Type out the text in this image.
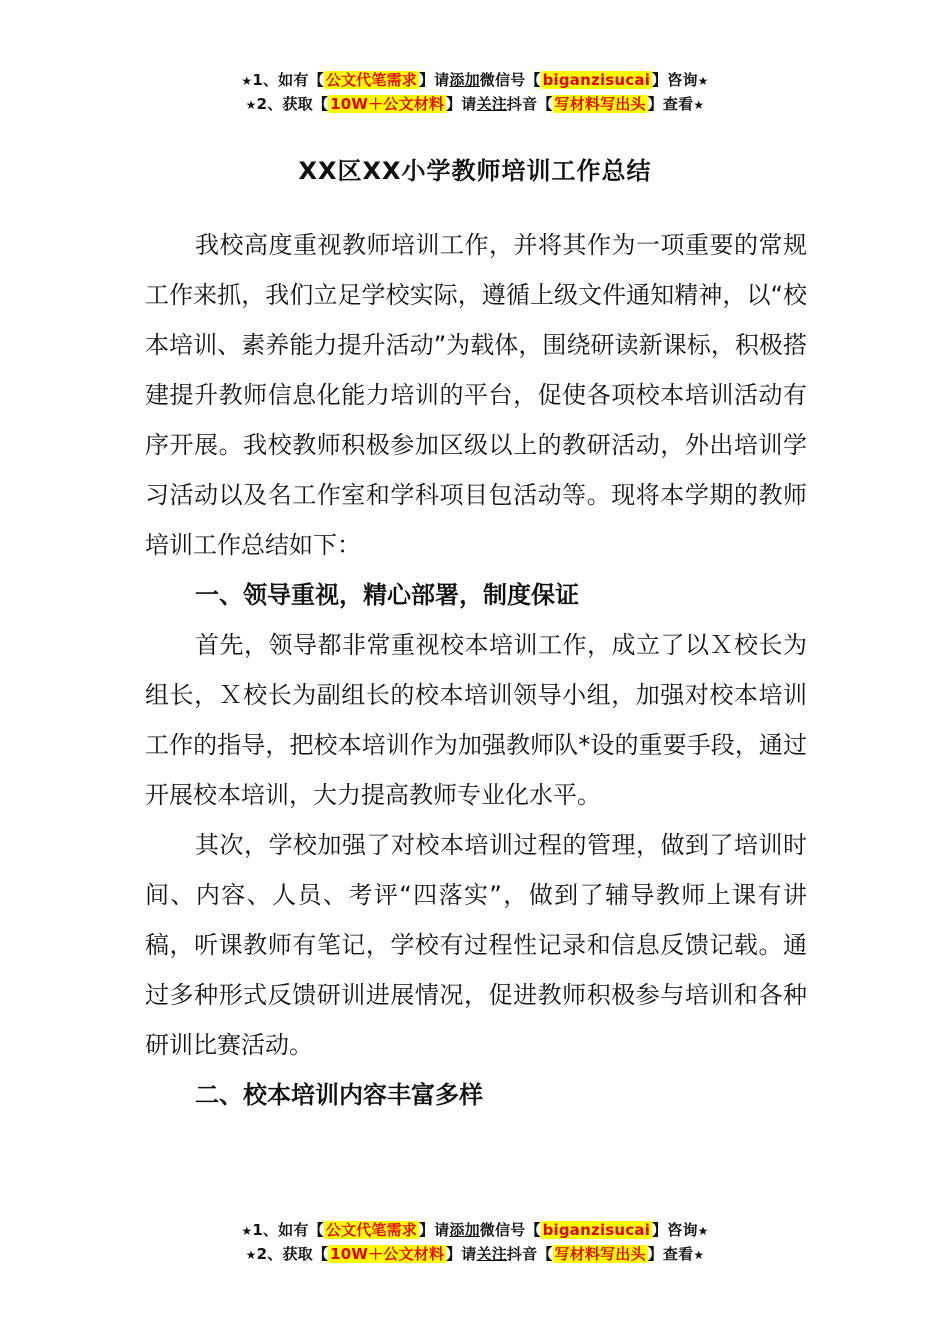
★1、如有【 公文代笔需求 】请添加微信号【 biganzisucai 】咨询★
★2、获取【 10W＋公文材料 】请关注抖音【 写材料写出头 】查看★
XX区XX小学教师培训工作总结

我校高度重视教师培训工作，并将其作为一项重要的常规工作来抓，我们立足学校实际，遵循上级文件通知精神，以“校本培训、素养能力提升活动”为载体，围绕研读新课标，积极搭建提升教师信息化能力培训的平台，促使各项校本培训活动有序开展。我校教师积极参加区级以上的教研活动，外出培训学习活动以及名工作室和学科项目包活动等。现将本学期的教师培训工作总结如下：

一、领导重视，精心部署，制度保证

首先，领导都非常重视校本培训工作，成立了以Ｘ校长为组长，Ｘ校长为副组长的校本培训领导小组，加强对校本培训工作的指导，把校本培训作为加强教师队*设的重要手段，通过开展校本培训，大力提高教师专业化水平。

其次，学校加强了对校本培训过程的管理，做到了培训时间、内容、人员、考评“四落实”，做到了辅导教师上课有讲稿，听课教师有笔记，学校有过程性记录和信息反馈记载。通过多种形式反馈研训进展情况，促进教师积极参与培训和各种研训比赛活动。

二、校本培训内容丰富多样

★1、如有【 公文代笔需求 】请添加微信号【 biganzisucai 】咨询★
★2、获取【 10W＋公文材料 】请关注抖音【 写材料写出头 】查看★
